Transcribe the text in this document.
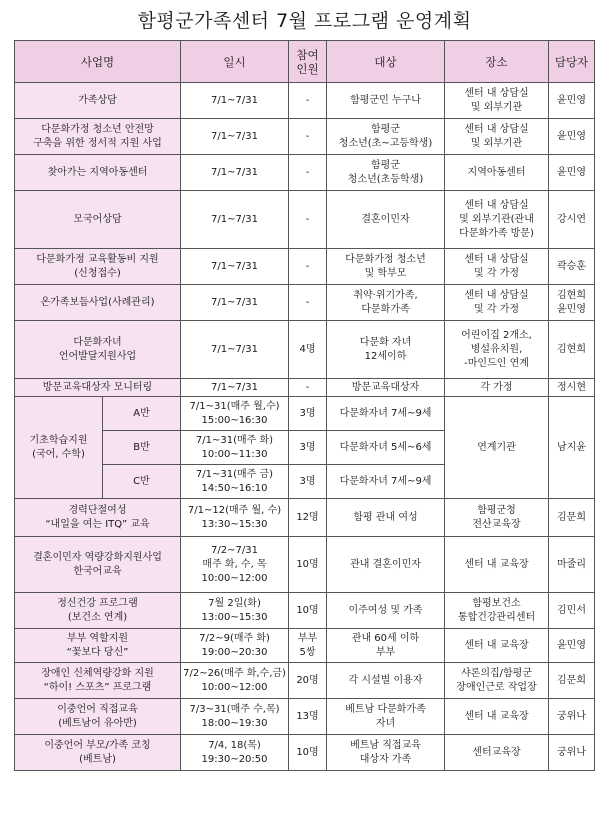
함평군가족센터 7월 프로그램 운영계획
사업명		일시	참여
인원	대상	장소	담당자
가족상담		7/1~7/31	-	함평군민 누구나	센터 내 상담실
및 외부기관	윤민영
다문화가정 청소년 안전망
구축을 위한 정서적 지원 사업		7/1~7/31	-	함평군
청소년(초~고등학생)	센터 내 상담실
및 외부기관	윤민영
찾아가는 지역아동센터		7/1~7/31	-	함평군
청소년(초등학생)	지역아동센터	윤민영
모국어상담		7/1~7/31	-	결혼이민자	센터 내 상담실
및 외부기관(관내
다문화가족 방문)	강시연
다문화가정 교육활동비 지원
(신청접수)		7/1~7/31	-	다문화가정 청소년
및 학부모	센터 내 상담실
및 각 가정	곽승훈
온가족보듬사업(사례관리)		7/1~7/31	-	취약·위기가족,
다문화가족	센터 내 상담실
및 각 가정	김현희
윤민영
다문화자녀
언어발달지원사업		7/1~7/31	4명	다문화 자녀
12세이하	어린이집 2개소,
병설유치원,
-마인드인 연계	김현희
방문교육대상자 모니터링		7/1~7/31	-	방문교육대상자	각 가정	정시현
기초학습지원
(국어, 수학)	A반	7/1~31(매주 월,수)
15:00~16:30	3명	다문화자녀 7세~9세	연계기관	남지윤
	B반	7/1~31(매주 화)
10:00~11:30	3명	다문화자녀 5세~6세		
	C반	7/1~31(매주 금)
14:50~16:10	3명	다문화자녀 7세~9세		
경력단절여성
“내일을 여는 ITQ” 교육		7/1~12(매주 월, 수)
13:30~15:30	12명	함평 관내 여성	함평군청
전산교육장	김문희
결혼이민자 역량강화지원사업
한국어교육		7/2~7/31
매주 화, 수, 목
10:00~12:00	10명	관내 결혼이민자	센터 내 교육장	마줄리
정신건강 프로그램
(보건소 연계)		7월 2일(화)
13:00~15:30	10명	이주여성 및 가족	함평보건소
통합건강관리센터	김민서
부부 역할지원
“꽃보다 당신”		7/2~9(매주 화)
19:00~20:30	부부
5쌍	관내 60세 이하
부부	센터 내 교육장	윤민영
장애인 신체역량강화 지원
“하이! 스포츠” 프로그램		7/2~26(매주 화,수,금)
10:00~12:00	20명	각 시설별 이용자	샤론의집/함평군
장애인근로 작업장	김문희
이중언어 직접교육
(베트남어 유아반)		7/3~31(매주 수,목)
18:00~19:30	13명	베트남 다문화가족
자녀	센터 내 교육장	궁위나
이중언어 부모/가족 코칭
(베트남)		7/4, 18(목)
19:30~20:50	10명	베트남 직접교육
대상자 가족	센터교육장	궁위나
